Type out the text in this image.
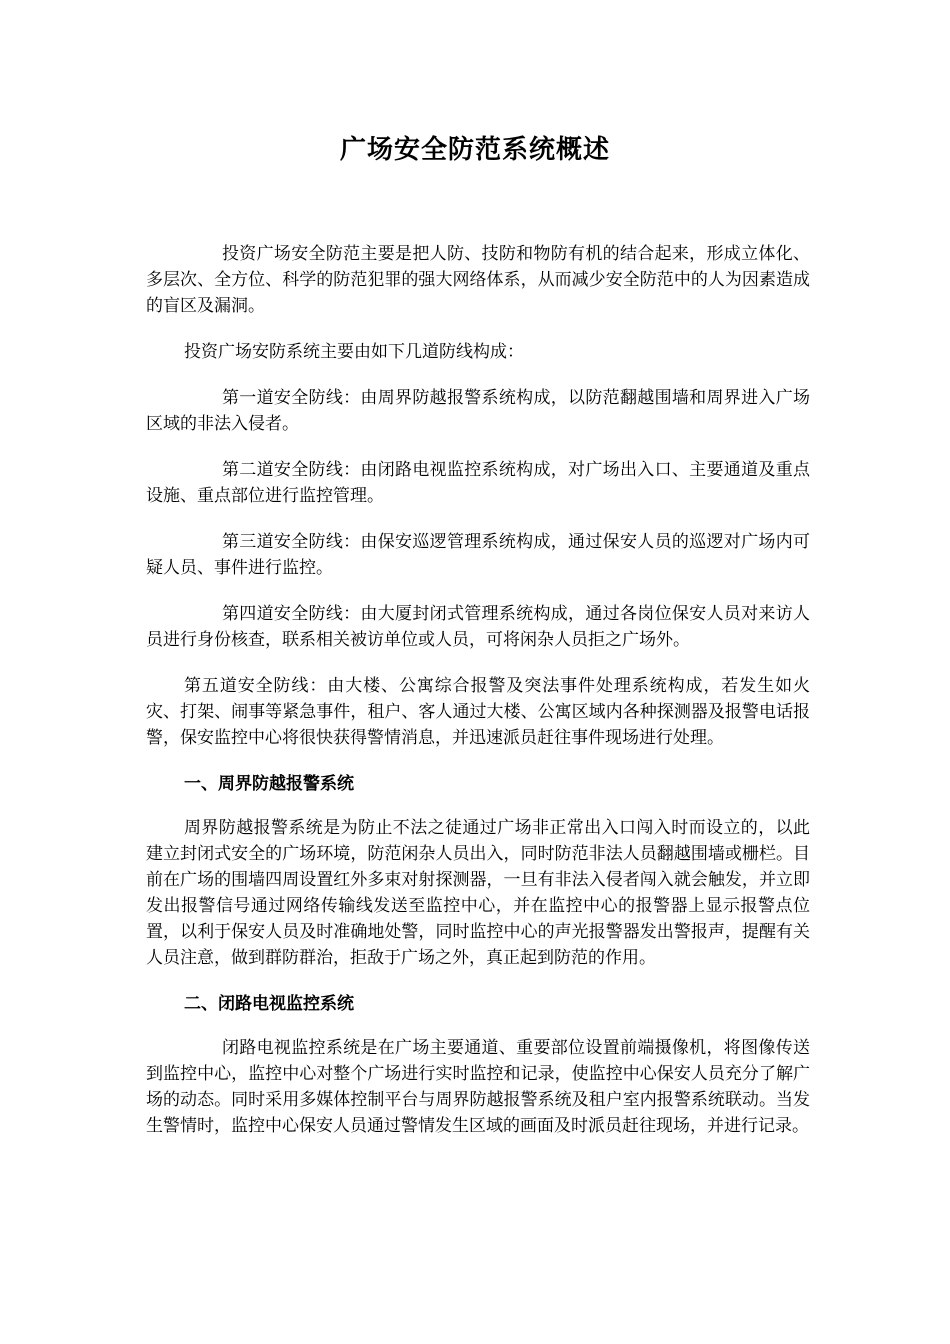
广场安全防范系统概述

投资广场安全防范主要是把人防、技防和物防有机的结合起来，形成立体化、多层次、全方位、科学的防范犯罪的强大网络体系，从而减少安全防范中的人为因素造成的盲区及漏洞。

投资广场安防系统主要由如下几道防线构成：

第一道安全防线：由周界防越报警系统构成，以防范翻越围墙和周界进入广场区域的非法入侵者。

第二道安全防线：由闭路电视监控系统构成，对广场出入口、主要通道及重点设施、重点部位进行监控管理。

第三道安全防线：由保安巡逻管理系统构成，通过保安人员的巡逻对广场内可疑人员、事件进行监控。

第四道安全防线：由大厦封闭式管理系统构成，通过各岗位保安人员对来访人员进行身份核查，联系相关被访单位或人员，可将闲杂人员拒之广场外。

第五道安全防线：由大楼、公寓综合报警及突法事件处理系统构成，若发生如火灾、打架、闹事等紧急事件，租户、客人通过大楼、公寓区域内各种探测器及报警电话报警，保安监控中心将很快获得警情消息，并迅速派员赶往事件现场进行处理。

一、周界防越报警系统

周界防越报警系统是为防止不法之徒通过广场非正常出入口闯入时而设立的，以此建立封闭式安全的广场环境，防范闲杂人员出入，同时防范非法人员翻越围墙或栅栏。目前在广场的围墙四周设置红外多束对射探测器，一旦有非法入侵者闯入就会触发，并立即发出报警信号通过网络传输线发送至监控中心，并在监控中心的报警器上显示报警点位置，以利于保安人员及时准确地处警，同时监控中心的声光报警器发出警报声，提醒有关人员注意，做到群防群治，拒敌于广场之外，真正起到防范的作用。

二、闭路电视监控系统

闭路电视监控系统是在广场主要通道、重要部位设置前端摄像机，将图像传送到监控中心，监控中心对整个广场进行实时监控和记录，使监控中心保安人员充分了解广场的动态。同时采用多媒体控制平台与周界防越报警系统及租户室内报警系统联动。当发生警情时，监控中心保安人员通过警情发生区域的画面及时派员赶往现场，并进行记录。
